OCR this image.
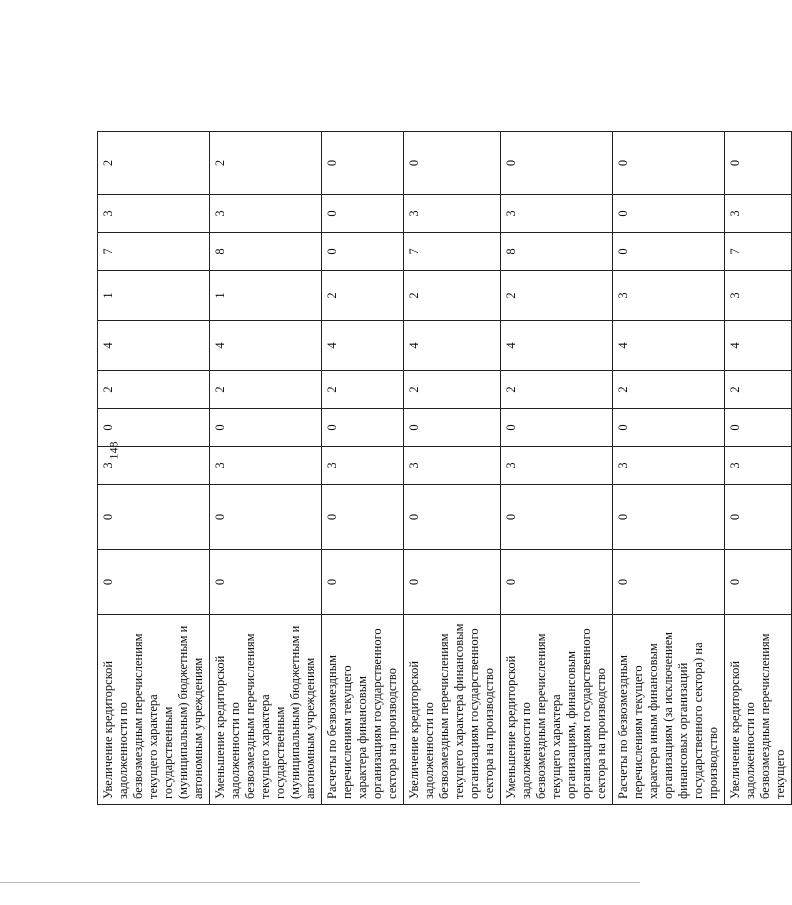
148
Увеличение кредиторской задолженности по безвозмездным перечислениям текущего характера государственным (муниципальным) бюджетным и автономным учреждениям	0	0	3	0	2	4	1	7	3	2
Уменьшение кредиторской задолженности по безвозмездным перечислениям текущего характера государственным (муниципальным) бюджетным и автономным учреждениям	0	0	3	0	2	4	1	8	3	2
Расчеты по безвозмездным перечислениям текущего характера финансовым организациям государственного сектора на производство	0	0	3	0	2	4	2	0	0	0
Увеличение кредиторской задолженности по безвозмездным перечислениям текущего характера финансовым организациям государственного сектора на производство	0	0	3	0	2	4	2	7	3	0
Уменьшение кредиторской задолженности по безвозмездным перечислениям текущего характера организациям, финансовым организациям государственного сектора на производство	0	0	3	0	2	4	2	8	3	0
Расчеты по безвозмездным перечислениям текущего характера иным финансовым организациям (за исключением финансовых организаций государственного сектора) на производство	0	0	3	0	2	4	3	0	0	0
Увеличение кредиторской задолженности по безвозмездным перечислениям текущего	0	0	3	0	2	4	3	7	3	0
